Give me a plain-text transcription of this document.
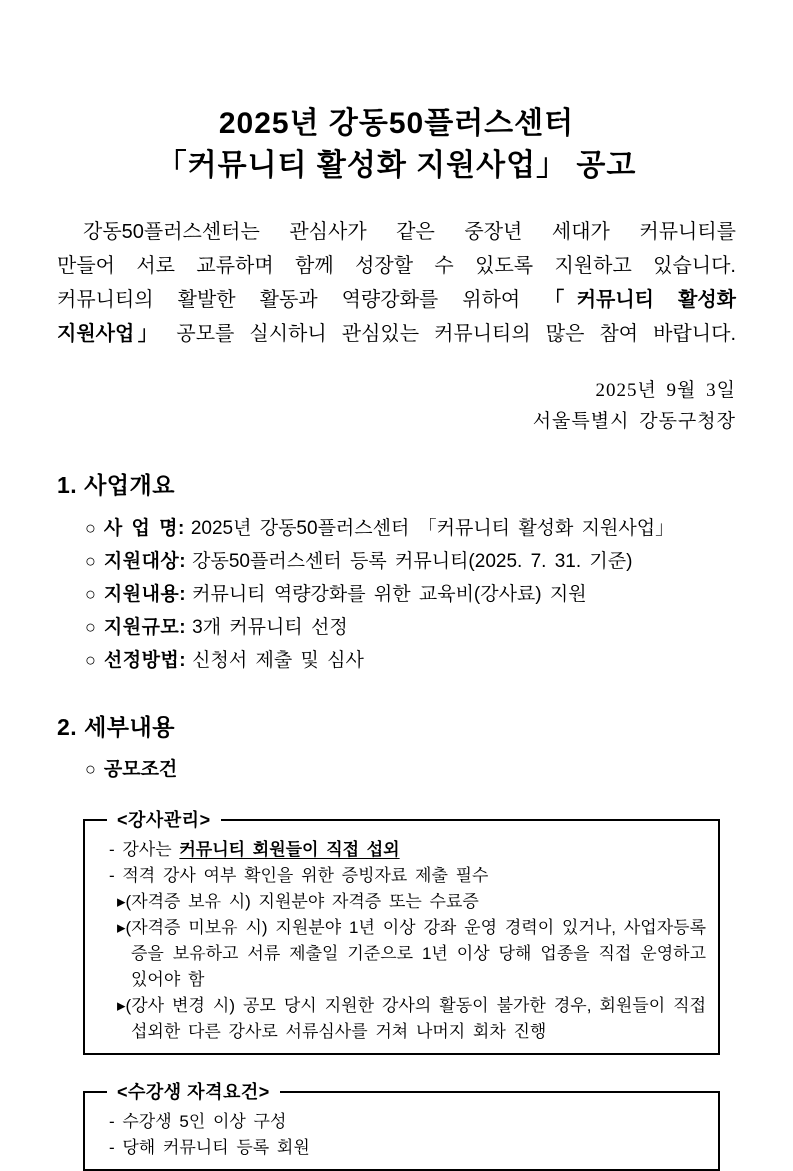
2025년 강동50플러스센터
「커뮤니티 활성화 지원사업」 공고
강동50플러스센터는 관심사가 같은 중장년 세대가 커뮤니티를
만들어 서로 교류하며 함께 성장할 수 있도록 지원하고 있습니다.
커뮤니티의 활발한 활동과 역량강화를 위하여 「커뮤니티 활성화
지원사업」 공모를 실시하니 관심있는 커뮤니티의 많은 참여 바랍니다.
2025년 9월 3일
서울특별시 강동구청장
1. 사업개요
○ 사 업 명: 2025년 강동50플러스센터 「커뮤니티 활성화 지원사업」
○ 지원대상: 강동50플러스센터 등록 커뮤니티(2025. 7. 31. 기준)
○ 지원내용: 커뮤니티 역량강화를 위한 교육비(강사료) 지원
○ 지원규모: 3개 커뮤니티 선정
○ 선정방법: 신청서 제출 및 심사
2. 세부내용
○ 공모조건
<강사관리>
- 강사는 커뮤니티 회원들이 직접 섭외
- 적격 강사 여부 확인을 위한 증빙자료 제출 필수
▸(자격증 보유 시) 지원분야 자격증 또는 수료증
▸(자격증 미보유 시) 지원분야 1년 이상 강좌 운영 경력이 있거나, 사업자등록증을 보유하고 서류 제출일 기준으로 1년 이상 당해 업종을 직접 운영하고 있어야 함
▸(강사 변경 시) 공모 당시 지원한 강사의 활동이 불가한 경우, 회원들이 직접 섭외한 다른 강사로 서류심사를 거쳐 나머지 회차 진행
<수강생 자격요건>
- 수강생 5인 이상 구성
- 당해 커뮤니티 등록 회원
